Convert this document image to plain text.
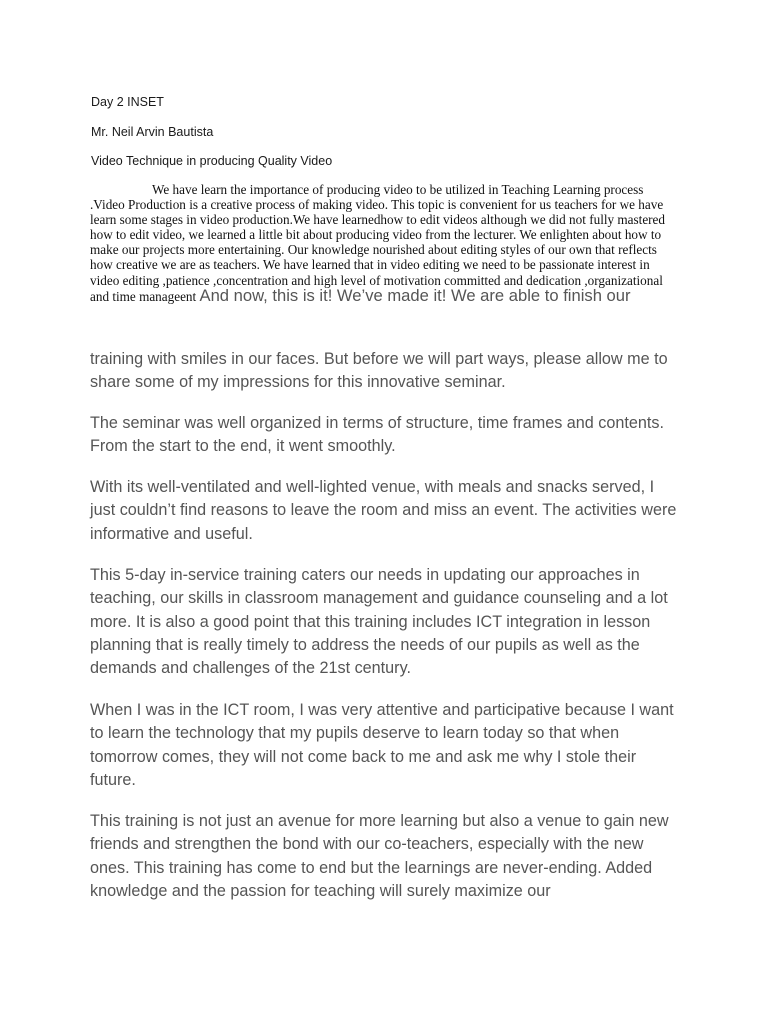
Day 2 INSET

Mr. Neil Arvin Bautista

Video Technique in producing Quality Video

We have learn the importance of producing video to be utilized in Teaching Learning process .Video Production is a creative process of making video. This topic is convenient for us teachers for we have learn some stages in video production.We have learnedhow to edit videos although we did not fully mastered how to edit video, we learned a little bit about producing video from the lecturer. We enlighten about how to make our projects more entertaining. Our knowledge nourished about editing styles of our own that reflects how creative we are as teachers. We have learned that in video editing we need to be passionate interest in video editing ,patience ,concentration and high level of motivation committed and dedication ,organizational and time manageent And now, this is it! We’ve made it! We are able to finish our

training with smiles in our faces. But before we will part ways, please allow me to share some of my impressions for this innovative seminar.

The seminar was well organized in terms of structure, time frames and contents. From the start to the end, it went smoothly.

With its well-ventilated and well-lighted venue, with meals and snacks served, I just couldn’t find reasons to leave the room and miss an event. The activities were informative and useful.

This 5-day in-service training caters our needs in updating our approaches in teaching, our skills in classroom management and guidance counseling and a lot more. It is also a good point that this training includes ICT integration in lesson planning that is really timely to address the needs of our pupils as well as the demands and challenges of the 21st century.

When I was in the ICT room, I was very attentive and participative because I want to learn the technology that my pupils deserve to learn today so that when tomorrow comes, they will not come back to me and ask me why I stole their future.

This training is not just an avenue for more learning but also a venue to gain new friends and strengthen the bond with our co-teachers, especially with the new ones. This training has come to end but the learnings are never-ending. Added knowledge and the passion for teaching will surely maximize our
